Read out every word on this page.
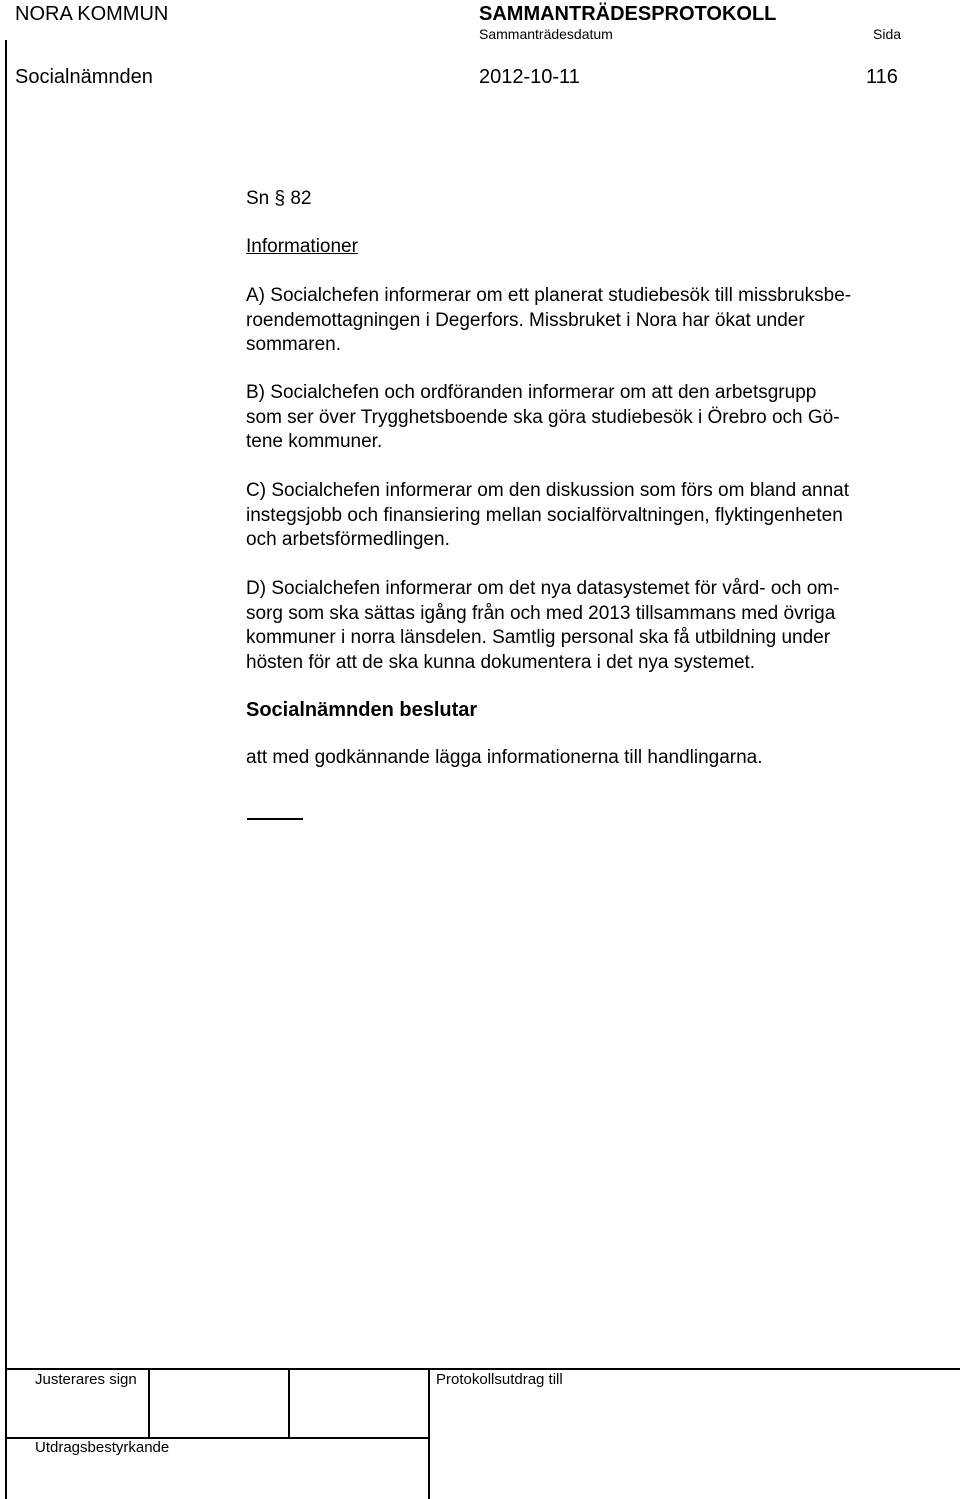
NORA KOMMUN	SAMMANTRÄDESPROTOKOLL
Sammanträdesdatum	Sida
Socialnämnden	2012-10-11	116

Sn § 82

Informationer

A) Socialchefen informerar om ett planerat studiebesök till missbruksbe-

roendemottagningen i Degerfors. Missbruket i Nora har ökat under

sommaren.

B) Socialchefen och ordföranden informerar om att den arbetsgrupp

som ser över Trygghetsboende ska göra studiebesök i Örebro och Gö-

tene kommuner.

C) Socialchefen informerar om den diskussion som förs om bland annat

instegsjobb och finansiering mellan socialförvaltningen, flyktingenheten

och arbetsförmedlingen.

D) Socialchefen informerar om det nya datasystemet för vård- och om-

sorg som ska sättas igång från och med 2013 tillsammans med övriga

kommuner i norra länsdelen. Samtlig personal ska få utbildning under

hösten för att de ska kunna dokumentera i det nya systemet.

Socialnämnden beslutar

att med godkännande lägga informationerna till handlingarna.

Justerares sign	Protokollsutdrag till
Utdragsbestyrkande
